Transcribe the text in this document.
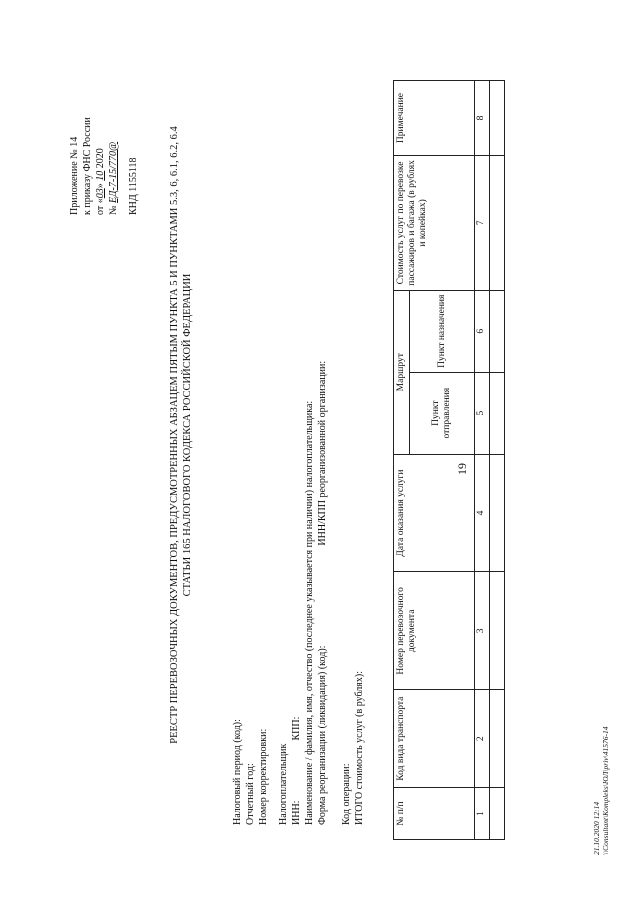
19
Приложение № 14 к приказу ФНС России от «03» 10 2020
№ ЕД-7-15/770@ КНД 1155118	РЕЕСТР ПЕРЕВОЗОЧНЫХ ДОКУМЕНТОВ, ПРЕДУСМОТРЕННЫХ АБЗАЦЕМ ПЯТЫМ ПУНКТА 5 И ПУНКТАМИ 5.3, 6, 6.1, 6.2, 6.4 СТАТЬИ 165 НАЛОГОВОГО КОДЕКСА РОССИЙСКОЙ ФЕДЕРАЦИИ
Налоговый период (код): Отчетный год: Номер корректировки: Налогоплательщик ИНН:КПП: Наименование / фамилия, имя, отчество (последнее указывается при наличии) налогоплательщика: Форма реорганизации (ликвидация) (код):ИНН/КПП реорганизованной организации:
Код операции: ИТОГО стоимость услуг (в рублях):	№ п/п	Код вида транспорта	Номер перевозочного документа	Дата оказания услуги	Маршрут		Стоимость услуг по перевозке пассажиров и багажа (в рублях и копейках)	Примечание
				Пункт отправления	Пункт назначения		
1	2	3	4	5	6	7	8

21.10.2020 12:14 \\Consultant\Kompleks\ЮЛ\priv\41576-14
